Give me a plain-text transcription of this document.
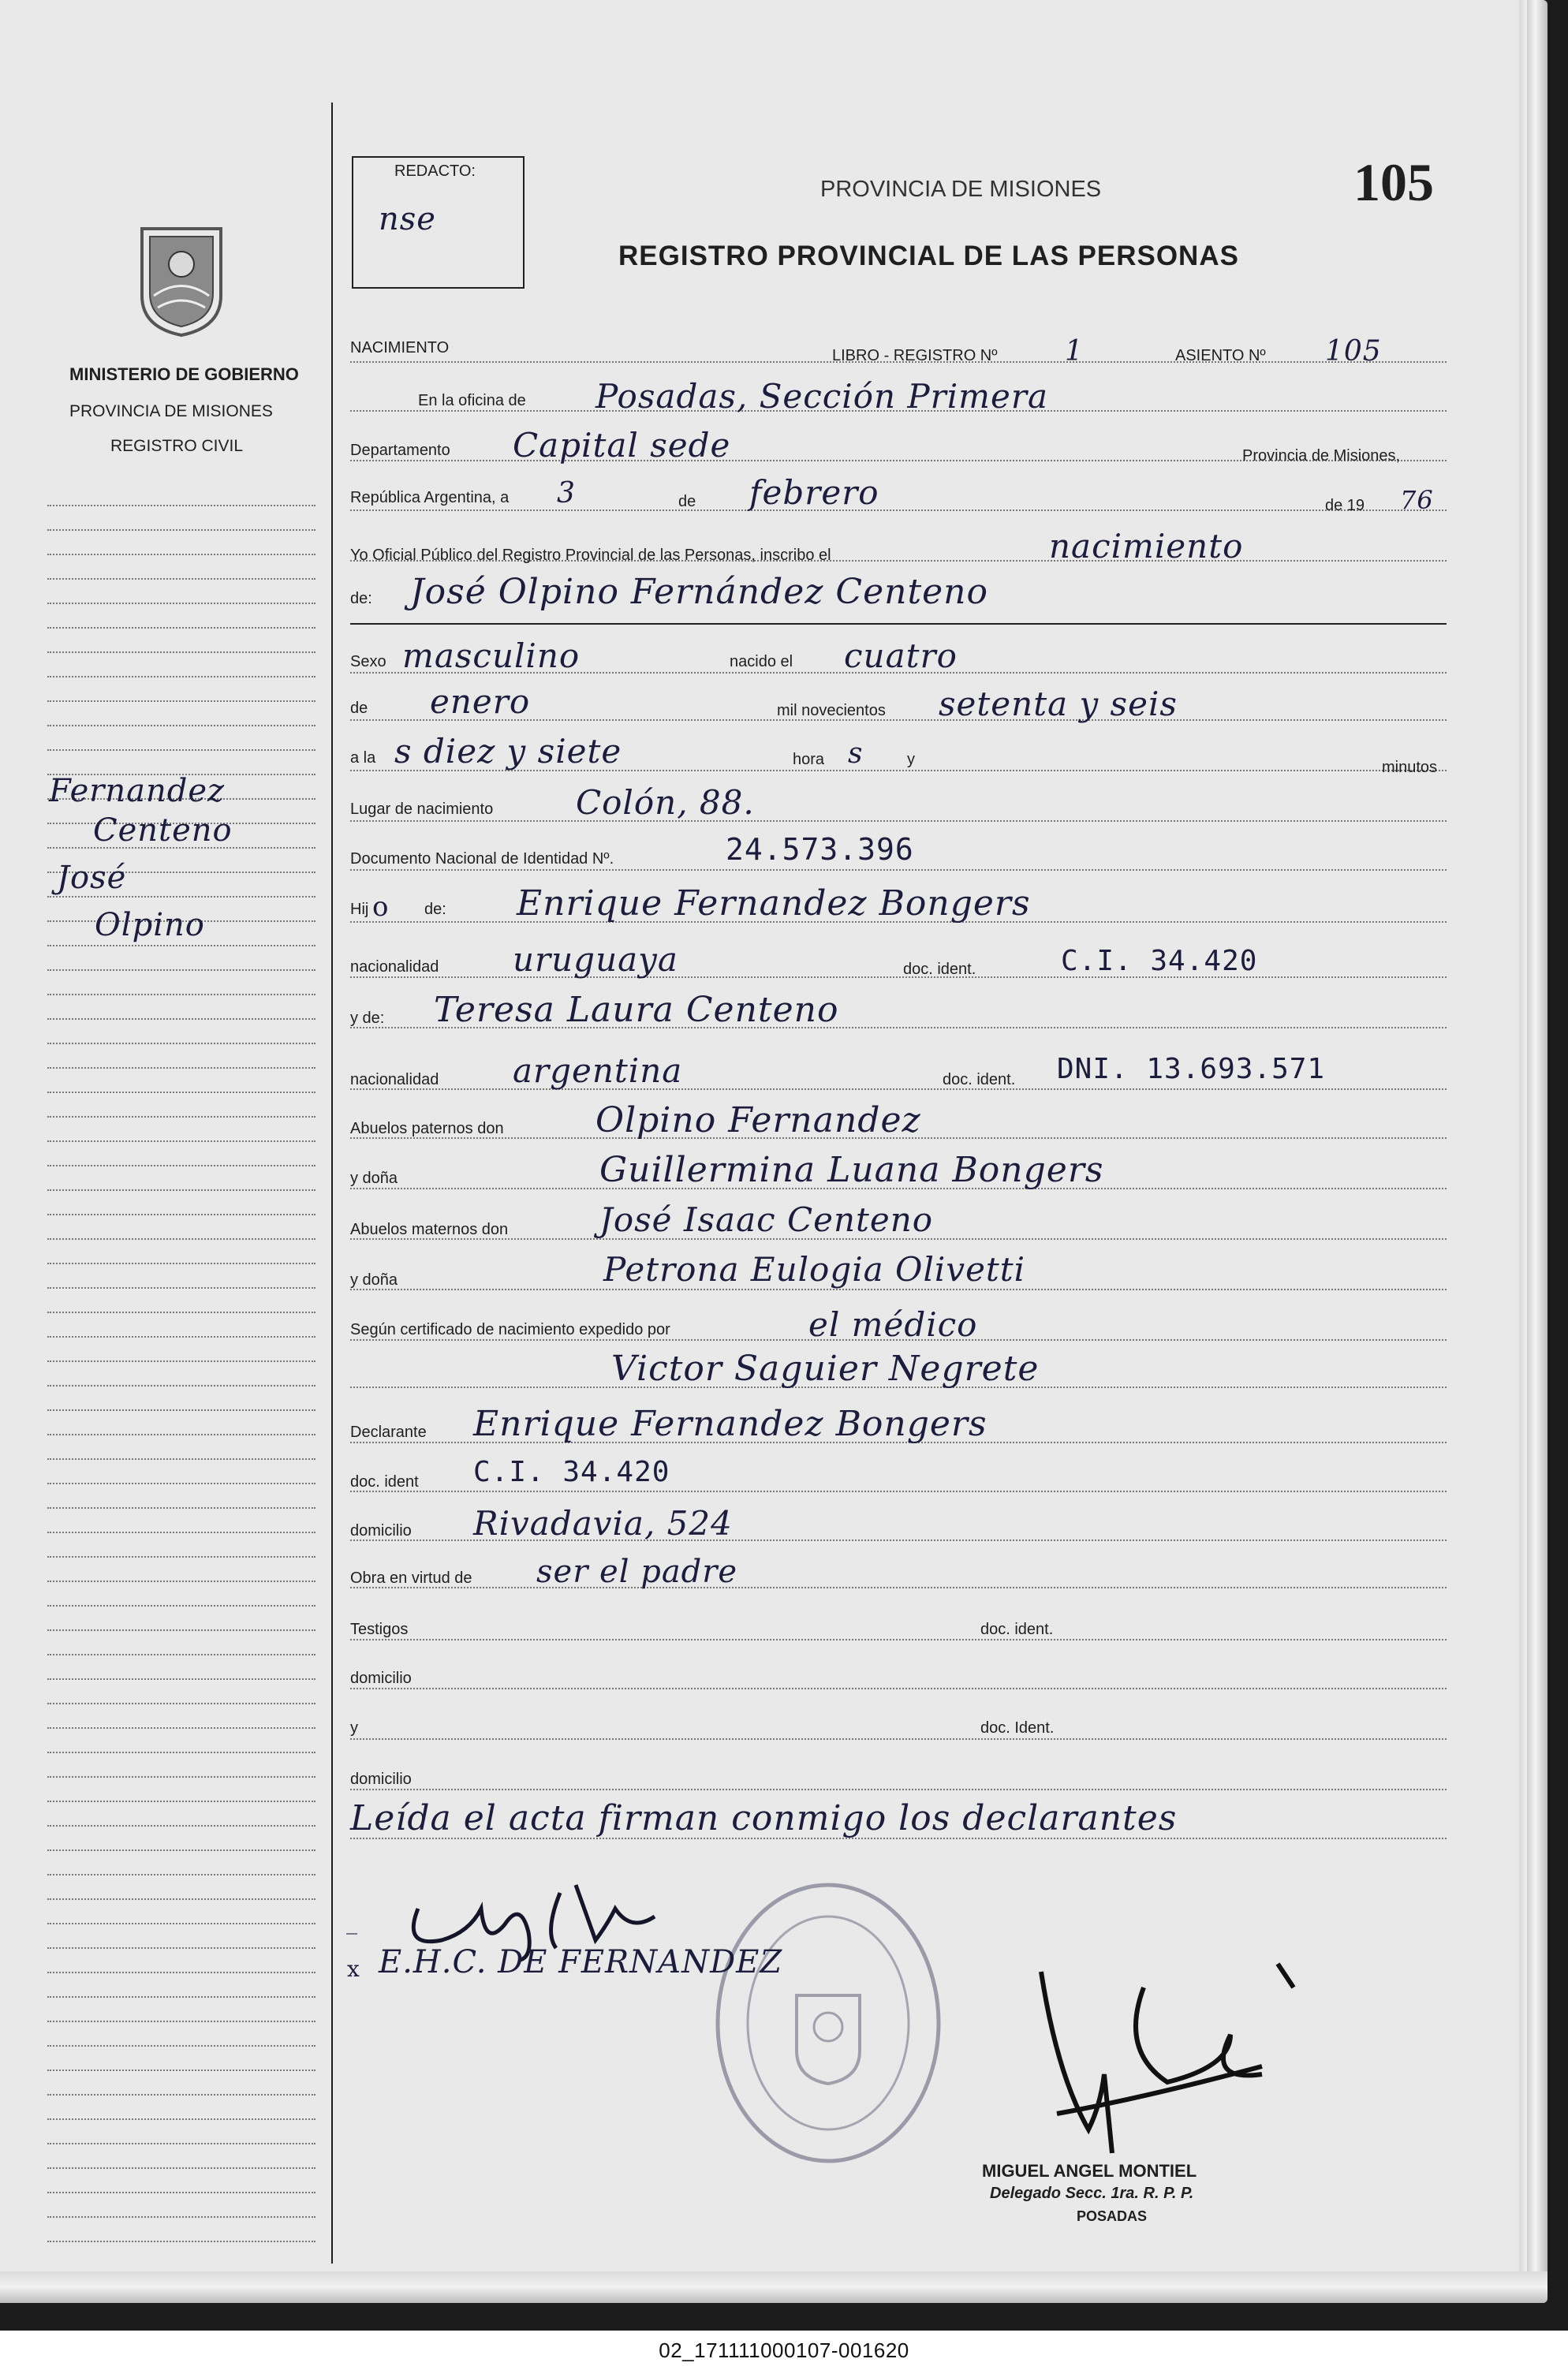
MINISTERIO DE GOBIERNO
PROVINCIA DE MISIONES
REGISTRO CIVIL
Fernandez
Centeno
José
Olpino
REDACTO:
nse
PROVINCIA DE MISIONES	105
REGISTRO PROVINCIAL DE LAS PERSONAS
NACIMIENTO	LIBRO - REGISTRO Nº 1	ASIENTO Nº 105
En la oficina de Posadas, Sección Primera
Departamento Capital sede	Provincia de Misiones,
República Argentina, a 3	de febrero	de 19 76
Yo Oficial Público del Registro Provincial de las Personas, inscribo el	nacimiento
de: José Olpino Fernández Centeno
Sexo masculino	nacido el cuatro
de enero	mil novecientos setenta y seis
a la s diez y siete	hora s	y	minutos
Lugar de nacimiento Colón, 88.
Documento Nacional de Identidad Nº.	24.573.396
Hij o de: Enrique Fernandez Bongers
nacionalidad uruguaya	doc. ident.	C.I. 34.420
y de: Teresa Laura Centeno
nacionalidad argentina	doc. ident. DNI. 13.693.571
Abuelos paternos don	Olpino Fernandez
y doña	Guillermina Luana Bongers
Abuelos maternos don	José Isaac Centeno
y doña	Petrona Eulogia Olivetti
Según certificado de nacimiento expedido por	el médico
Victor Saguier Negrete
Declarante Enrique Fernandez Bongers
doc. ident C.I. 34.420
domicilio Rivadavia, 524
Obra en virtud de ser el padre
Testigos	doc. ident.
domicilio
y	doc. Ident.
domicilio
Leída el acta firman conmigo los declarantes
_
x E.H.C. DE FERNANDEZ
MIGUEL ANGEL MONTIEL
Delegado Secc. 1ra. R. P. P.
POSADAS
02_171111000107-001620
